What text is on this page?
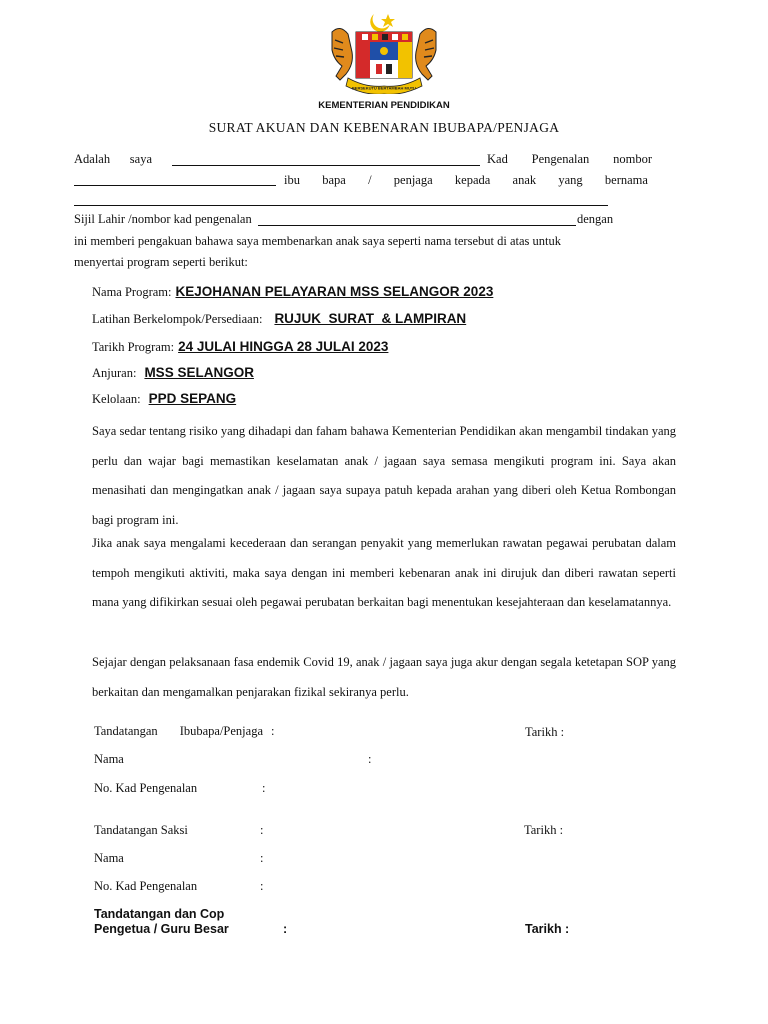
BERSEKUTU BERTAMBAH MUTU
KEMENTERIAN PENDIDIKAN
SURAT AKUAN DAN KEBENARAN IBUBAPA/PENJAGA
Adalah saya	Kad Pengenalan nombor
ibu bapa / penjaga kepada anak yang bernama
Sijil Lahir /nombor kad pengenalan	dengan
ini memberi pengakuan bahawa saya membenarkan anak saya seperti nama tersebut di atas untuk
menyertai program seperti berikut:
Nama Program: KEJOHANAN PELAYARAN MSS SELANGOR 2023
Latihan Berkelompok/Persediaan: RUJUK  SURAT  & LAMPIRAN
Tarikh Program: 24 JULAI HINGGA 28 JULAI 2023
Anjuran: MSS SELANGOR
Kelolaan: PPD SEPANG
Saya sedar tentang risiko yang dihadapi dan faham bahawa Kementerian Pendidikan akan mengambil tindakan yang perlu dan wajar bagi memastikan keselamatan anak / jagaan saya semasa mengikuti program ini. Saya akan menasihati dan mengingatkan anak / jagaan saya supaya patuh kepada arahan yang diberi oleh Ketua Rombongan bagi program ini.
Jika anak saya mengalami kecederaan dan serangan penyakit yang memerlukan rawatan pegawai perubatan dalam tempoh mengikuti aktiviti, maka saya dengan ini memberi kebenaran anak ini dirujuk dan diberi rawatan seperti mana yang difikirkan sesuai oleh pegawai perubatan berkaitan bagi menentukan kesejahteraan dan keselamatannya.
Sejajar dengan pelaksanaan fasa endemik Covid 19, anak / jagaan saya juga akur dengan segala ketetapan SOP yang berkaitan dan mengamalkan penjarakan fizikal sekiranya perlu.
Tandatangan Ibubapa/Penjaga :	Tarikh :
Nama	:
No. Kad Pengenalan	:
Tandatangan Saksi	:	Tarikh :
Nama	:
No. Kad Pengenalan	:
Tandatangan dan Cop
Pengetua / Guru Besar	:	Tarikh :
